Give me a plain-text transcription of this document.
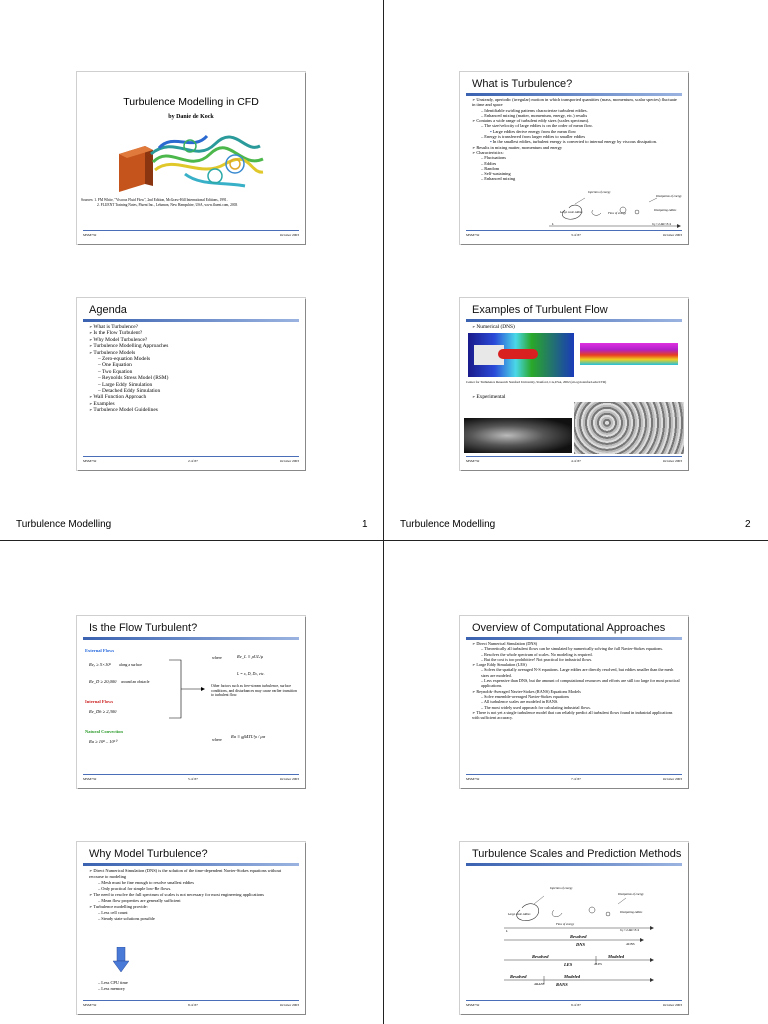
Turbulence Modelling	1	Turbulence Modelling	2
Turbulence Modelling in CFD
by Danie de Kock
Sources: 1. FM White, "Viscous Fluid Flow", 2nd Edition, McGraw-Hill International Editions, 1991.
2. FLUENT Training Notes, Fluent Inc., Lebanon, New Hampshire, USA, www.fluent.com, 2003
MSM732	October 2003
What is Turbulence?
➢ Unsteady, aperiodic (irregular) motion in which transported quantities (mass, momentum, scalar species) fluctuate in time and space
– Identifiable swirling patterns characterize turbulent eddies.
– Enhanced mixing (matter, momentum, energy, etc.) results
➢ Contains a wide range of turbulent eddy sizes (scales spectrum).
– The size/velocity of large eddies is on the order of mean flow.
▪ Large eddies derive energy from the mean flow
– Energy is transferred from larger eddies to smaller eddies
▪ In the smallest eddies, turbulent energy is converted to internal energy by viscous dissipation.
➢ Results in mixing matter, momentum and energy
➢ Characteristics:
– Fluctuations
– Eddies
– Random
– Self-sustaining
– Enhanced mixing
Injection of energy
Dissipation of energy
Large scale eddies	Flow of energy
Dissipating eddies
L	lη ≈ L/Re^3/4
MSM732	3 of 87	October 2003
Agenda
➢ What is Turbulence?
➢ Is the Flow Turbulent?
➢ Why Model Turbulence?
➢ Turbulence Modelling Approaches
➢ Turbulence Models
– Zero-equation Models
– One Equation
– Two Equation
– Reynolds Stress Model (RSM)
– Large Eddy Simulation
– Detached Eddy Simulation
➢ Wall Function Approach
➢ Examples
➢ Turbulence Model Guidelines
MSM732	2 of 87	October 2003
Examples of Turbulent Flow
➢ Numerical (DNS)
Center for Turbulence Research Stanford University, Stanford, CA,USA, 2002 (air.ogd.stanford.edu/CTR)
➢ Experimental
MSM732	4 of 87	October 2003
Is the Flow Turbulent?
External Flows
Reₓ ≥ 5×10⁵ along a surface
Re_D ≥ 20,000 around an obstacle
Internal Flows
Re_Dh ≥ 2,300
Natural Convection
Ra ≥ 10⁸ – 10¹⁰
where	Re_L ≡ ρUL/μ
L = x, D, Dₕ, etc.
Other factors such as free-stream turbulence, surface conditions, and disturbances may cause earlier transition to turbulent flow.
where
Ra ≡ gβΔTL³ρ / μα
MSM732	5 of 87	October 2003
Overview of Computational Approaches
➢ Direct Numerical Simulation (DNS)
– Theoretically all turbulent flows can be simulated by numerically solving the full Navier-Stokes equations.
– Resolves the whole spectrum of scales. No modeling is required.
– But the cost is too prohibitive! Not practical for industrial flows.
➢ Large Eddy Simulation (LES)
– Solves the spatially averaged N-S equations. Large eddies are directly resolved, but eddies smaller than the mesh sizes are modeled.
– Less expensive than DNS, but the amount of computational resources and efforts are still too large for most practical applications.
➢ Reynolds-Averaged Navier-Stokes (RANS) Equations Models
– Solve ensemble-averaged Navier-Stokes equations
– All turbulence scales are modeled in RANS.
– The most widely used approach for calculating industrial flows.
➢ There is not yet a single turbulence model that can reliably predict all turbulent flows found in industrial applications with sufficient accuracy.
MSM732	7 of 87	October 2003
Why Model Turbulence?
➢ Direct Numerical Simulation (DNS) is the solution of the time-dependent Navier-Stokes equations without recourse to modeling
– Mesh must be fine enough to resolve smallest eddies
– Only practical for simple low-Re flows.
➢ The need to resolve the full spectrum of scales is not necessary for most engineering applications
– Mean flow properties are generally sufficient
➢ Turbulence modelling provide:
– Less cell count
– Steady state solutions possible
– Less CPU time
– Less memory
MSM732	8 of 87	October 2003
Turbulence Scales and Prediction Methods
Injection of energy
Dissipation of energy
Large scale eddies
Flow of energy
Dissipating eddies
L	lη ≈ L/Re^3/4
Resolved
DNS	ΔDNS
Resolved	Modeled
LES	ΔLES
Resolved	Modeled
ΔRANS	RANS
MSM732	9 of 87	October 2003
